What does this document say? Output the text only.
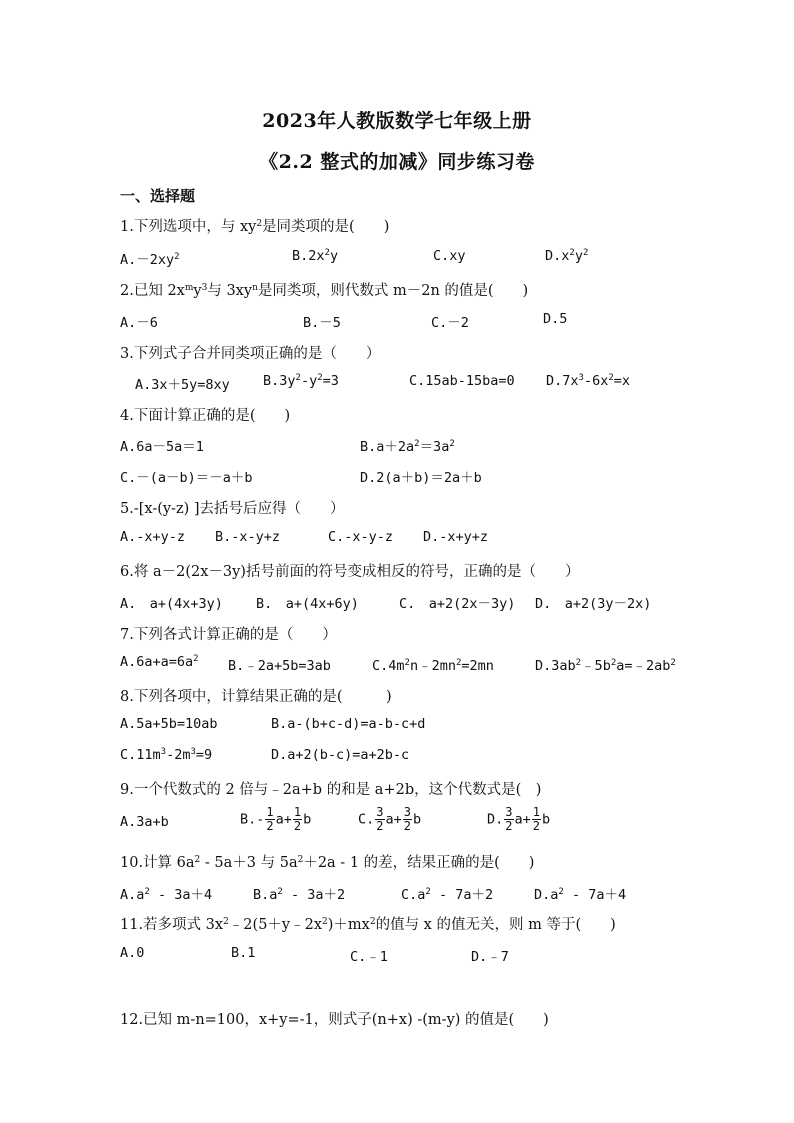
2023年人教版数学七年级上册
《2.2 整式的加减》同步练习卷
一、选择题
1.下列选项中，与 $xy^2$是同类项的是(　　)
$A.-2xy^2$	$B.2x^2y$	C.xy	$D.x^2y^2$
2.已知 $2x^my^3$与 $3xy^n$是同类项，则代数式 m－2n 的值是(　　)
A.－6	B.－5	C.－2	D.5
3.下列式子合并同类项正确的是（　　）
A.3x＋5y=8xy $B.3y^2-y^2=3$	C.15ab-15ba=0 $D.7x^3-6x^2=x$
4.下面计算正确的是(　　)
A.6a－5a＝1	$B.a+2a^2=3a^2$
C.－(a－b)＝－a＋b	D.2(a＋b)＝2a＋b
5.-[x-(y-z) ]去括号后应得（　　）
A.-x+y-z B.-x-y+z	C.-x-y-z D.-x+y+z
6.将 a－2(2x－3y)括号前面的符号变成相反的符号，正确的是（　　）
A.　a+(4x+3y) B.　a+(4x+6y)	C.　a+2(2x－3y) D.　a+2(3y－2x)
7.下列各式计算正确的是（　　）
$A.6a+a=6a^2$ B.﹣2a+5b=3ab	$C.4m^2n﹣2mn^2=2mn$	$D.3ab^2﹣5b^2a=﹣2ab^2$
8.下列各项中，计算结果正确的是(　　　)
A.5a+5b=10ab	B.a-(b+c-d)=a-b-c+d
$C.11m^3-2m^3=9$	D.a+2(b-c)=a+2b-c
9.一个代数式的 2 倍与﹣2a+b 的和是 a+2b，这个代数式是(　)
A.3a+b	$B.- \frac{1}{2} a+ \frac{1}{2}$ b	C. $\frac{3}{2} a+ \frac{3}{2}$ b	D. $\frac{3}{2} a+ \frac{1}{2}$ b
10.计算 $6a^2 - 5a+3$ 与 $5a^2+2a - 1$ 的差，结果正确的是(　　)
$A.a^2 - 3a+4$	$B.a^2 - 3a+2$	$C.a^2 - 7a+2$	$D.a^2 - 7a+4$
11.若多项式 $3x^2﹣2(5+y﹣2x^2)+mx^2$的值与 x 的值无关，则 m 等于(　　)
A.0	B.1	C.﹣1	D.﹣7
12.已知 m-n=100，x+y=-1，则式子(n+x) -(m-y) 的值是(　　)
